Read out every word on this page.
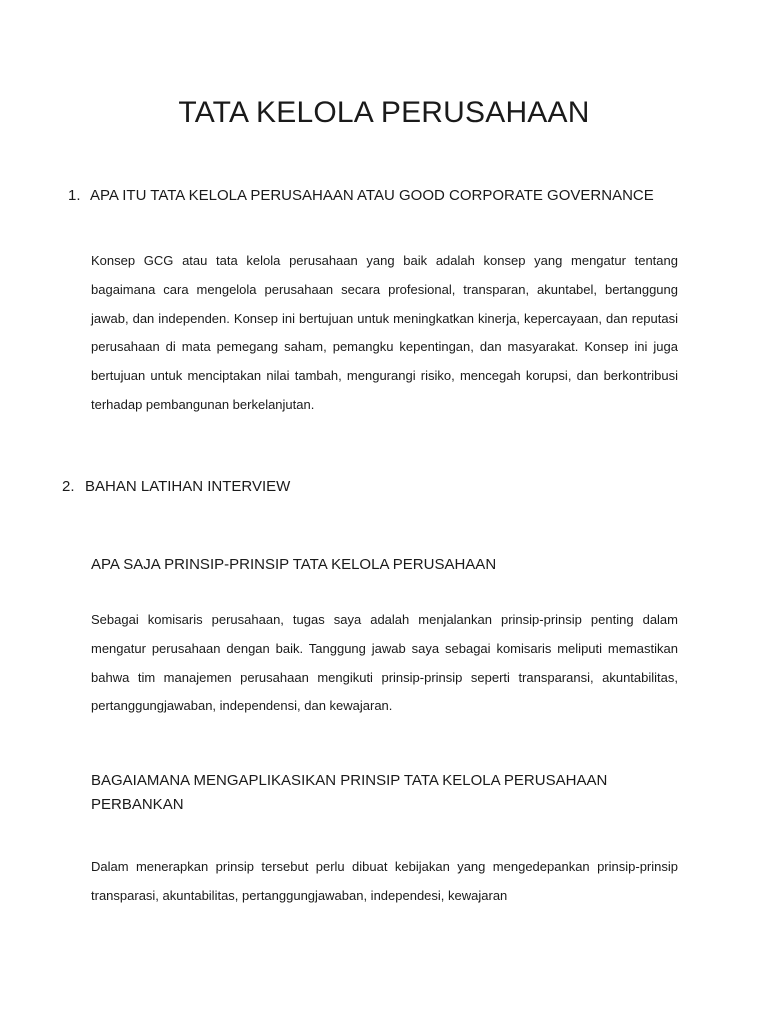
TATA KELOLA PERUSAHAAN
1. APA ITU TATA KELOLA PERUSAHAAN ATAU GOOD CORPORATE GOVERNANCE

Konsep GCG atau tata kelola perusahaan yang baik adalah konsep yang mengatur tentang bagaimana cara mengelola perusahaan secara profesional, transparan, akuntabel, bertanggung jawab, dan independen. Konsep ini bertujuan untuk meningkatkan kinerja, kepercayaan, dan reputasi perusahaan di mata pemegang saham, pemangku kepentingan, dan masyarakat. Konsep ini juga bertujuan untuk menciptakan nilai tambah, mengurangi risiko, mencegah korupsi, dan berkontribusi terhadap pembangunan berkelanjutan.

2. BAHAN LATIHAN INTERVIEW
APA SAJA PRINSIP-PRINSIP TATA KELOLA PERUSAHAAN

Sebagai komisaris perusahaan, tugas saya adalah menjalankan prinsip-prinsip penting dalam mengatur perusahaan dengan baik. Tanggung jawab saya sebagai komisaris meliputi memastikan bahwa tim manajemen perusahaan mengikuti prinsip-prinsip seperti transparansi, akuntabilitas, pertanggungjawaban, independensi, dan kewajaran.

BAGAIAMANA MENGAPLIKASIKAN PRINSIP TATA KELOLA PERUSAHAAN PERBANKAN

Dalam menerapkan prinsip tersebut perlu dibuat kebijakan yang mengedepankan prinsip-prinsip transparasi, akuntabilitas, pertanggungjawaban, independesi, kewajaran
